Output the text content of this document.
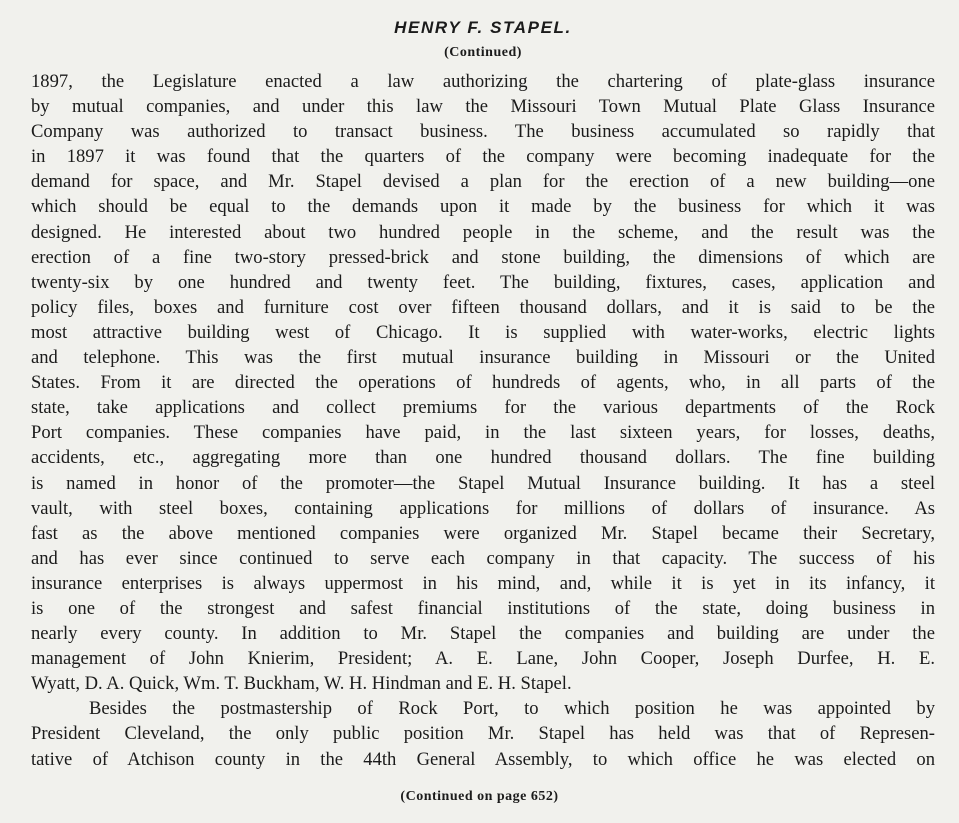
HENRY F. STAPEL.
(Continued)
1897, the Legislature enacted a law authorizing the chartering of plate-glass insurance
by mutual companies, and under this law the Missouri Town Mutual Plate Glass Insurance
Company was authorized to transact business. The business accumulated so rapidly that
in 1897 it was found that the quarters of the company were becoming inadequate for the
demand for space, and Mr. Stapel devised a plan for the erection of a new building—one
which should be equal to the demands upon it made by the business for which it was
designed. He interested about two hundred people in the scheme, and the result was the
erection of a fine two-story pressed-brick and stone building, the dimensions of which are
twenty-six by one hundred and twenty feet. The building, fixtures, cases, application and
policy files, boxes and furniture cost over fifteen thousand dollars, and it is said to be the
most attractive building west of Chicago. It is supplied with water-works, electric lights
and telephone. This was the first mutual insurance building in Missouri or the United
States. From it are directed the operations of hundreds of agents, who, in all parts of the
state, take applications and collect premiums for the various departments of the Rock
Port companies. These companies have paid, in the last sixteen years, for losses, deaths,
accidents, etc., aggregating more than one hundred thousand dollars. The fine building
is named in honor of the promoter—the Stapel Mutual Insurance building. It has a steel
vault, with steel boxes, containing applications for millions of dollars of insurance. As
fast as the above mentioned companies were organized Mr. Stapel became their Secretary,
and has ever since continued to serve each company in that capacity. The success of his
insurance enterprises is always uppermost in his mind, and, while it is yet in its infancy, it
is one of the strongest and safest financial institutions of the state, doing business in
nearly every county. In addition to Mr. Stapel the companies and building are under the
management of John Knierim, President; A. E. Lane, John Cooper, Joseph Durfee, H. E.
Wyatt, D. A. Quick, Wm. T. Buckham, W. H. Hindman and E. H. Stapel.
Besides the postmastership of Rock Port, to which position he was appointed by
President Cleveland, the only public position Mr. Stapel has held was that of Represen-
tative of Atchison county in the 44th General Assembly, to which office he was elected on
(Continued on page 652)
